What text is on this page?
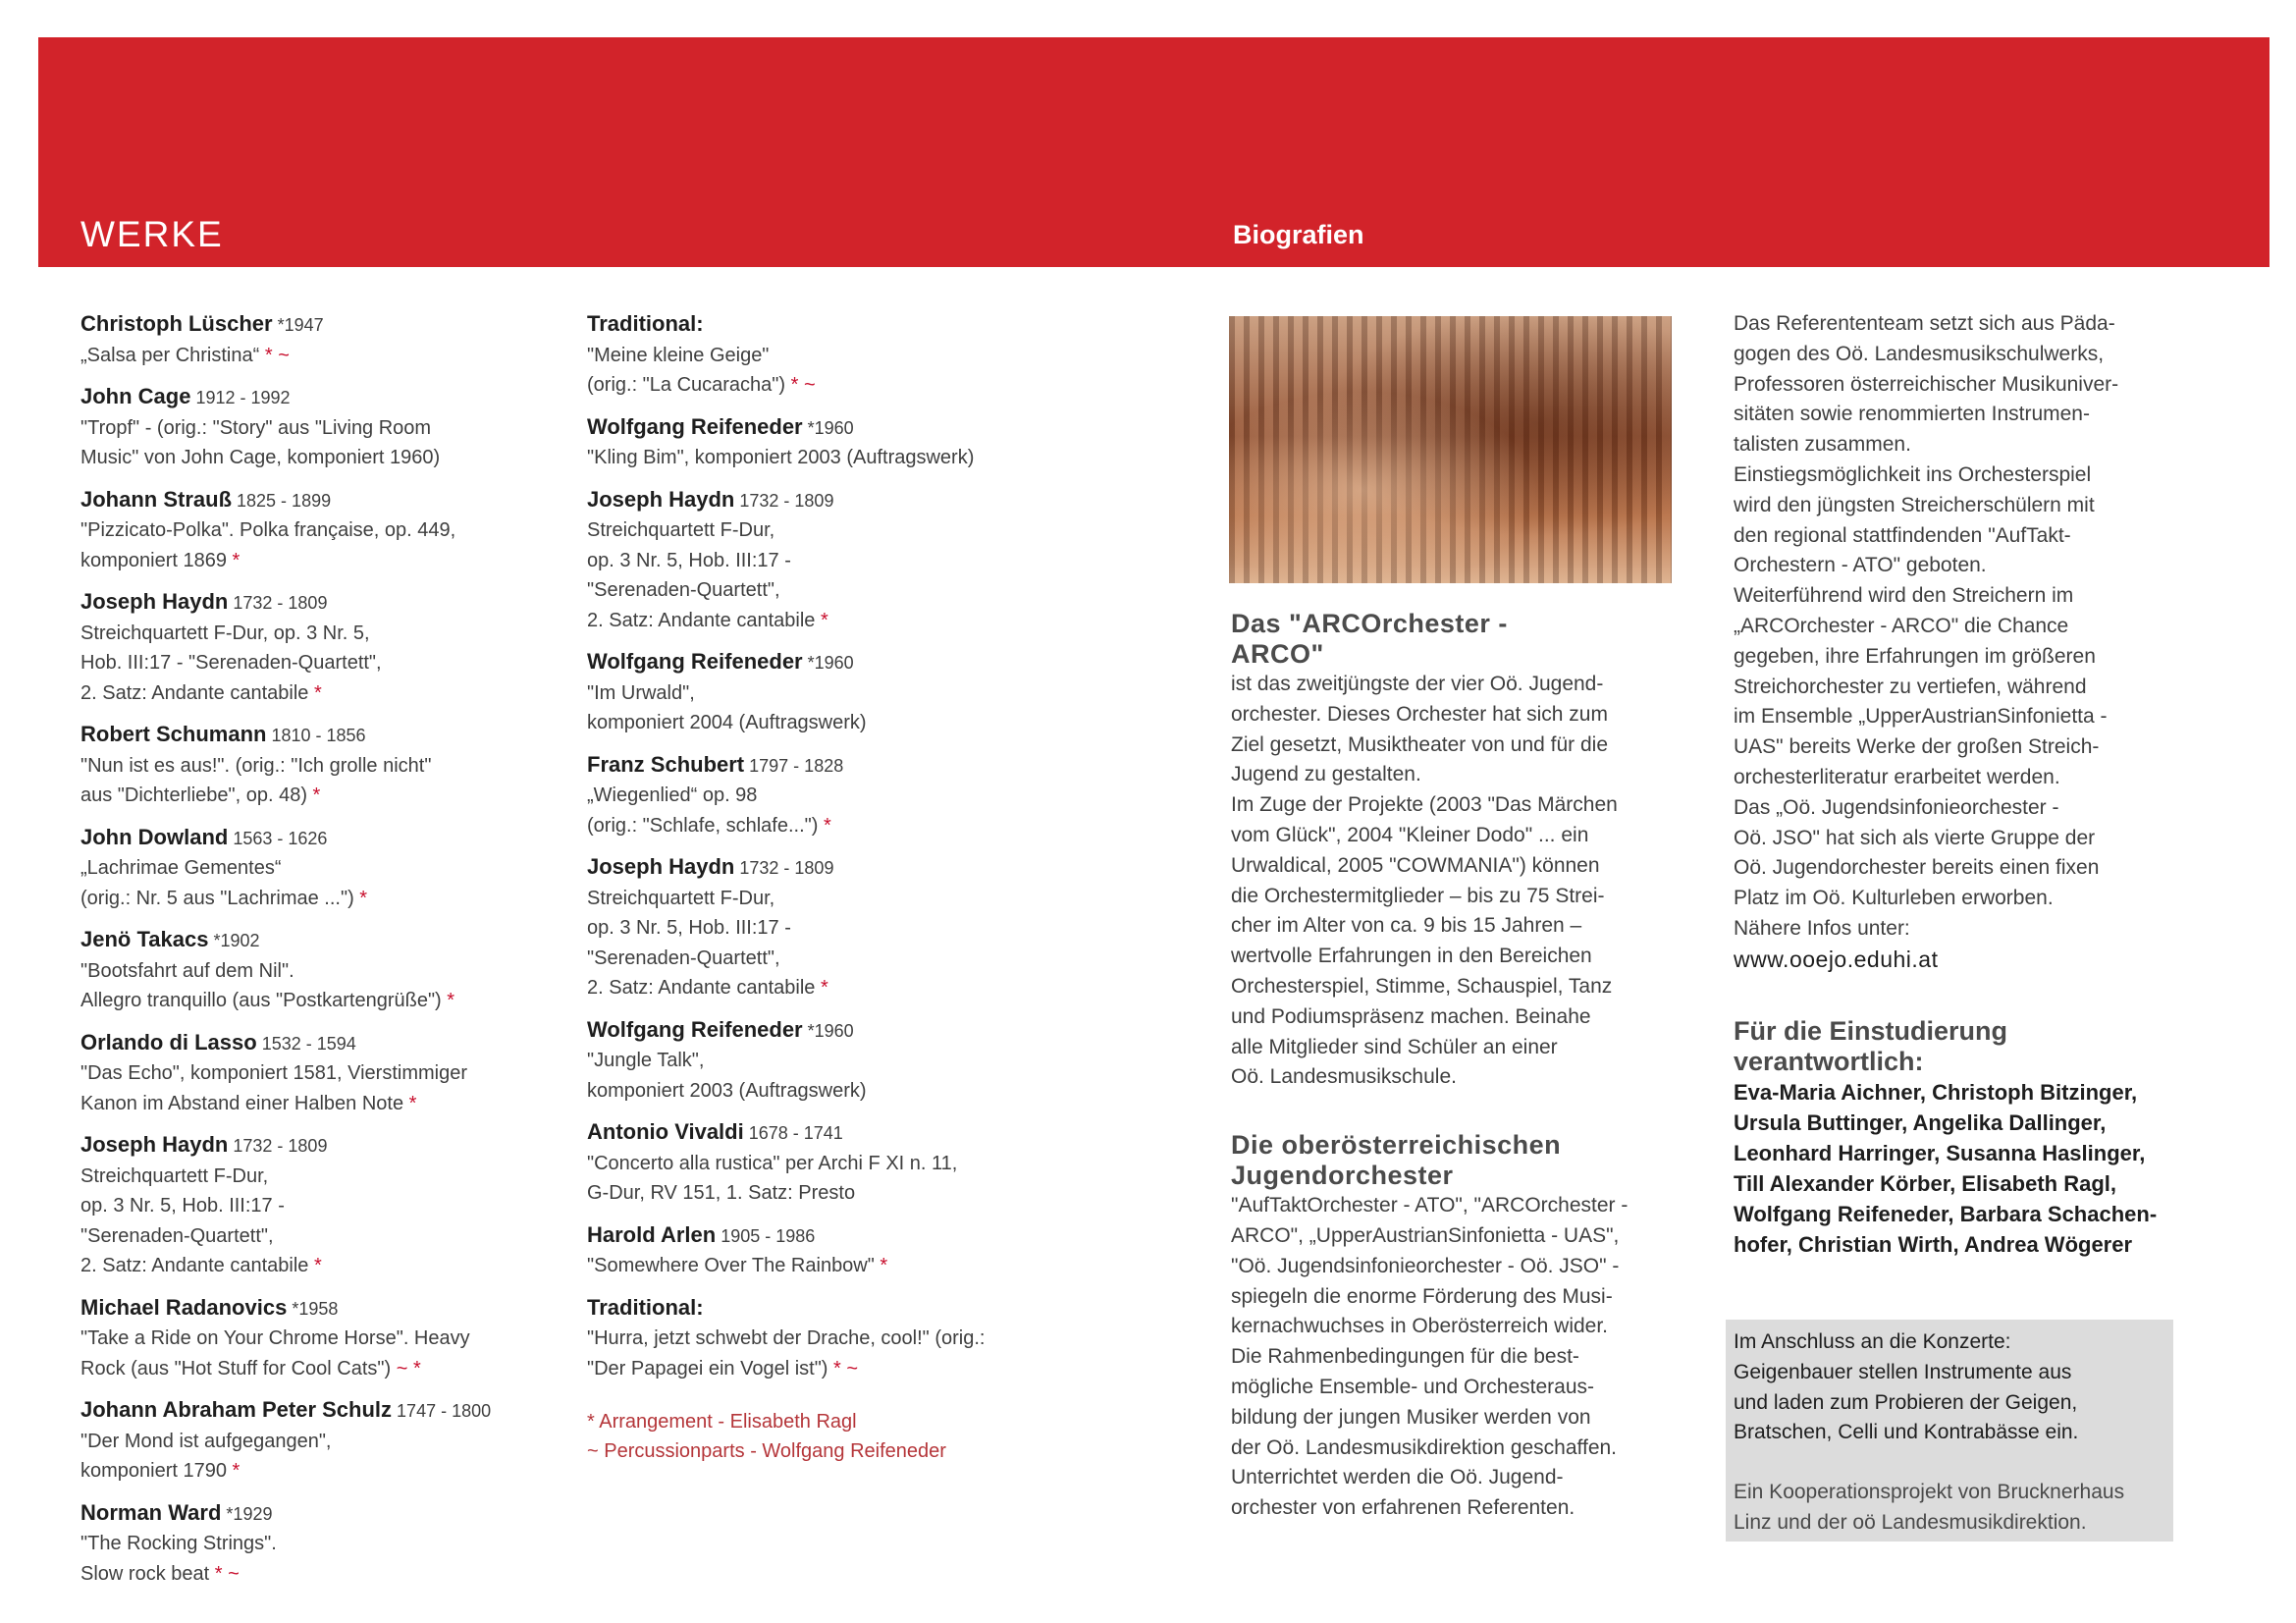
WERKE	Biografien
Christoph Lüscher *1947
„Salsa per Christina“ * ~
John Cage 1912 - 1992
"Tropf" - (orig.: "Story" aus "Living Room
Music" von John Cage, komponiert 1960)
Johann Strauß 1825 - 1899
"Pizzicato-Polka". Polka française, op. 449,
komponiert 1869 *
Joseph Haydn 1732 - 1809
Streichquartett F-Dur, op. 3 Nr. 5,
Hob. III:17 - "Serenaden-Quartett",
2. Satz: Andante cantabile *
Robert Schumann 1810 - 1856
"Nun ist es aus!". (orig.: "Ich grolle nicht"
aus "Dichterliebe", op. 48) *
John Dowland 1563 - 1626
„Lachrimae Gementes“
(orig.: Nr. 5 aus "Lachrimae ...") *
Jenö Takacs *1902
"Bootsfahrt auf dem Nil".
Allegro tranquillo (aus "Postkartengrüße") *
Orlando di Lasso 1532 - 1594
"Das Echo", komponiert 1581, Vierstimmiger
Kanon im Abstand einer Halben Note *
Joseph Haydn 1732 - 1809
Streichquartett F-Dur,
op. 3 Nr. 5, Hob. III:17 -
"Serenaden-Quartett",
2. Satz: Andante cantabile *
Michael Radanovics *1958
"Take a Ride on Your Chrome Horse". Heavy
Rock (aus "Hot Stuff for Cool Cats") ~ *
Johann Abraham Peter Schulz 1747 - 1800
"Der Mond ist aufgegangen",
komponiert 1790 *
Norman Ward *1929
"The Rocking Strings".
Slow rock beat * ~
Traditional:
"Meine kleine Geige"
(orig.: "La Cucaracha") * ~
Wolfgang Reifeneder *1960
"Kling Bim", komponiert 2003 (Auftragswerk)
Joseph Haydn 1732 - 1809
Streichquartett F-Dur,
op. 3 Nr. 5, Hob. III:17 -
"Serenaden-Quartett",
2. Satz: Andante cantabile *
Wolfgang Reifeneder *1960
"Im Urwald",
komponiert 2004 (Auftragswerk)
Franz Schubert 1797 - 1828
„Wiegenlied“ op. 98
(orig.: "Schlafe, schlafe...") *
Joseph Haydn 1732 - 1809
Streichquartett F-Dur,
op. 3 Nr. 5, Hob. III:17 -
"Serenaden-Quartett",
2. Satz: Andante cantabile *
Wolfgang Reifeneder *1960
"Jungle Talk",
komponiert 2003 (Auftragswerk)
Antonio Vivaldi 1678 - 1741
"Concerto alla rustica" per Archi F XI n. 11,
G-Dur, RV 151, 1. Satz: Presto
Harold Arlen 1905 - 1986
"Somewhere Over The Rainbow" *
Traditional:
"Hurra, jetzt schwebt der Drache, cool!" (orig.:
"Der Papagei ein Vogel ist") * ~
* Arrangement - Elisabeth Ragl
~ Percussionparts - Wolfgang Reifeneder
Das "ARCOrchester -
ARCO"
ist das zweitjüngste der vier Oö. Jugend-
orchester. Dieses Orchester hat sich zum
Ziel gesetzt, Musiktheater von und für die
Jugend zu gestalten.
Im Zuge der Projekte (2003 "Das Märchen
vom Glück", 2004 "Kleiner Dodo" ... ein
Urwaldical, 2005 "COWMANIA") können
die Orchestermitglieder – bis zu 75 Strei-
cher im Alter von ca. 9 bis 15 Jahren –
wertvolle Erfahrungen in den Bereichen
Orchesterspiel, Stimme, Schauspiel, Tanz
und Podiumspräsenz machen. Beinahe
alle Mitglieder sind Schüler an einer
Oö. Landesmusikschule.
Die oberösterreichischen
Jugendorchester
"AufTaktOrchester - ATO", "ARCOrchester -
ARCO", „UpperAustrianSinfonietta - UAS",
"Oö. Jugendsinfonieorchester - Oö. JSO" -
spiegeln die enorme Förderung des Musi-
kernachwuchses in Oberösterreich wider.
Die Rahmenbedingungen für die best-
mögliche Ensemble- und Orchesteraus-
bildung der jungen Musiker werden von
der Oö. Landesmusikdirektion geschaffen.
Unterrichtet werden die Oö. Jugend-
orchester von erfahrenen Referenten.
Das Referententeam setzt sich aus Päda-
gogen des Oö. Landesmusikschulwerks,
Professoren österreichischer Musikuniver-
sitäten sowie renommierten Instrumen-
talisten zusammen.
Einstiegsmöglichkeit ins Orchesterspiel
wird den jüngsten Streicherschülern mit
den regional stattfindenden "AufTakt-
Orchestern - ATO" geboten.
Weiterführend wird den Streichern im
„ARCOrchester - ARCO" die Chance
gegeben, ihre Erfahrungen im größeren
Streichorchester zu vertiefen, während
im Ensemble „UpperAustrianSinfonietta -
UAS" bereits Werke der großen Streich-
orchesterliteratur erarbeitet werden.
Das „Oö. Jugendsinfonieorchester -
Oö. JSO" hat sich als vierte Gruppe der
Oö. Jugendorchester bereits einen fixen
Platz im Oö. Kulturleben erworben.
Nähere Infos unter:
www.ooejo.eduhi.at
Für die Einstudierung
verantwortlich:
Eva-Maria Aichner, Christoph Bitzinger,
Ursula Buttinger, Angelika Dallinger,
Leonhard Harringer, Susanna Haslinger,
Till Alexander Körber, Elisabeth Ragl,
Wolfgang Reifeneder, Barbara Schachen-
hofer, Christian Wirth, Andrea Wögerer
Im Anschluss an die Konzerte:
Geigenbauer stellen Instrumente aus
und laden zum Probieren der Geigen,
Bratschen, Celli und Kontrabässe ein.
Ein Kooperationsprojekt von Brucknerhaus
Linz und der oö Landesmusikdirektion.
